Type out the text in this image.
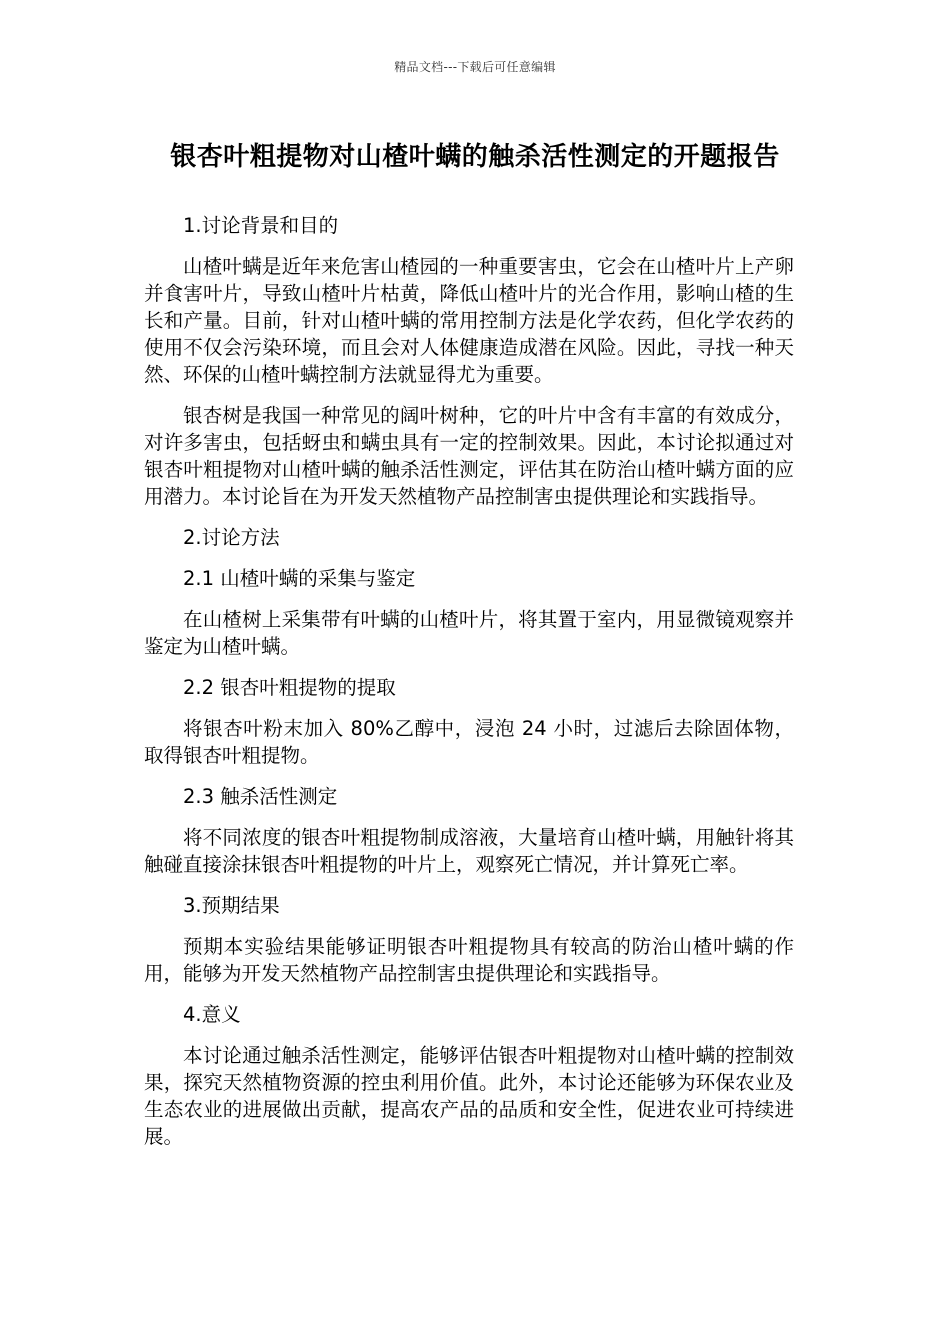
精品文档---下载后可任意编辑
银杏叶粗提物对山楂叶螨的触杀活性测定的开题报告

1.讨论背景和目的

山楂叶螨是近年来危害山楂园的一种重要害虫，它会在山楂叶片上产卵并食害叶片，导致山楂叶片枯黄，降低山楂叶片的光合作用，影响山楂的生长和产量。目前，针对山楂叶螨的常用控制方法是化学农药，但化学农药的使用不仅会污染环境，而且会对人体健康造成潜在风险。因此，寻找一种天然、环保的山楂叶螨控制方法就显得尤为重要。

银杏树是我国一种常见的阔叶树种，它的叶片中含有丰富的有效成分，对许多害虫，包括蚜虫和螨虫具有一定的控制效果。因此，本讨论拟通过对银杏叶粗提物对山楂叶螨的触杀活性测定，评估其在防治山楂叶螨方面的应用潜力。本讨论旨在为开发天然植物产品控制害虫提供理论和实践指导。

2.讨论方法

2.1 山楂叶螨的采集与鉴定

在山楂树上采集带有叶螨的山楂叶片，将其置于室内，用显微镜观察并鉴定为山楂叶螨。

2.2 银杏叶粗提物的提取

将银杏叶粉末加入 80%乙醇中，浸泡 24 小时，过滤后去除固体物，取得银杏叶粗提物。

2.3 触杀活性测定

将不同浓度的银杏叶粗提物制成溶液，大量培育山楂叶螨，用触针将其触碰直接涂抹银杏叶粗提物的叶片上，观察死亡情况，并计算死亡率。

3.预期结果

预期本实验结果能够证明银杏叶粗提物具有较高的防治山楂叶螨的作用，能够为开发天然植物产品控制害虫提供理论和实践指导。

4.意义

本讨论通过触杀活性测定，能够评估银杏叶粗提物对山楂叶螨的控制效果，探究天然植物资源的控虫利用价值。此外，本讨论还能够为环保农业及生态农业的进展做出贡献，提高农产品的品质和安全性，促进农业可持续进展。
